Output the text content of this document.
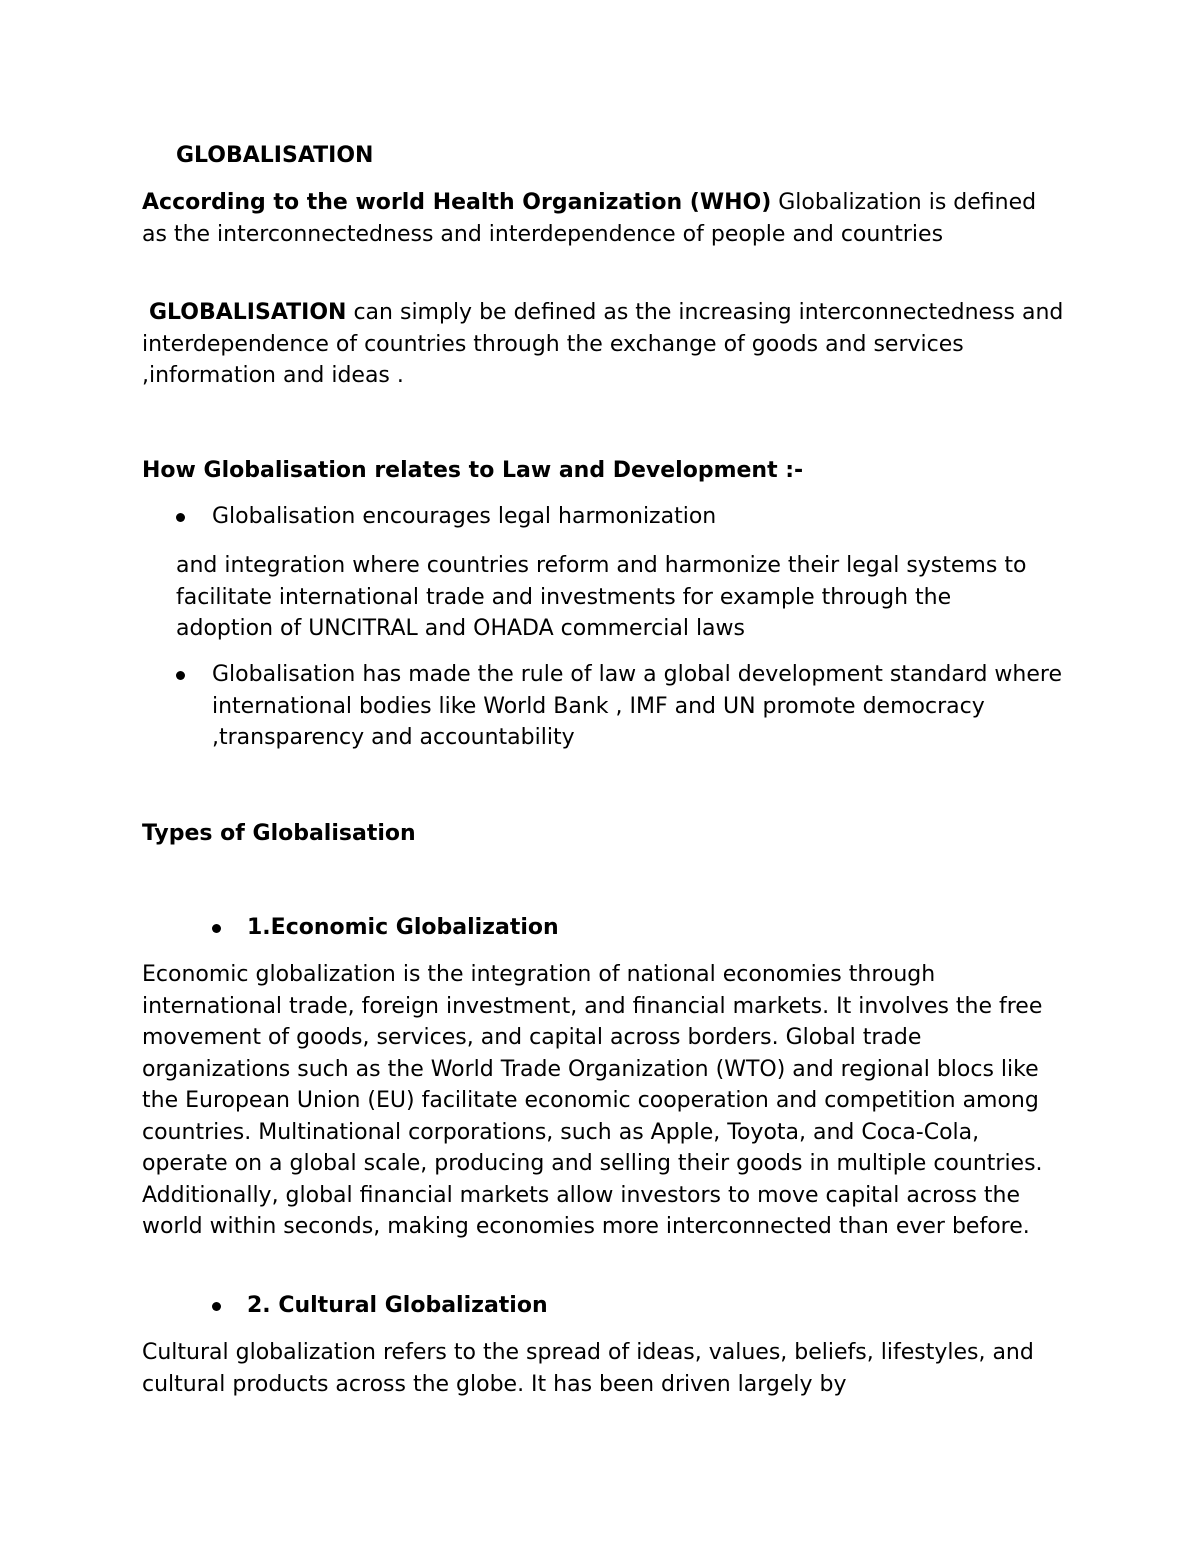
GLOBALISATION

According to the world Health Organization (WHO) Globalization is defined as the interconnectedness and interdependence of people and countries

GLOBALISATION can simply be defined as the increasing interconnectedness and interdependence of countries through the exchange of goods and services ,information and ideas .

How Globalisation relates to Law and Development :-

Globalisation encourages legal harmonization

and integration where countries reform and harmonize their legal systems to facilitate international trade and investments for example through the adoption of UNCITRAL and OHADA commercial laws

Globalisation has made the rule of law a global development standard where international bodies like World Bank , IMF and UN promote democracy ,transparency and accountability

Types of Globalisation

1.Economic Globalization

Economic globalization is the integration of national economies through international trade, foreign investment, and financial markets. It involves the free movement of goods, services, and capital across borders. Global trade organizations such as the World Trade Organization (WTO) and regional blocs like the European Union (EU) facilitate economic cooperation and competition among countries. Multinational corporations, such as Apple, Toyota, and Coca-Cola, operate on a global scale, producing and selling their goods in multiple countries. Additionally, global financial markets allow investors to move capital across the world within seconds, making economies more interconnected than ever before.

2. Cultural Globalization

Cultural globalization refers to the spread of ideas, values, beliefs, lifestyles, and cultural products across the globe. It has been driven largely by
